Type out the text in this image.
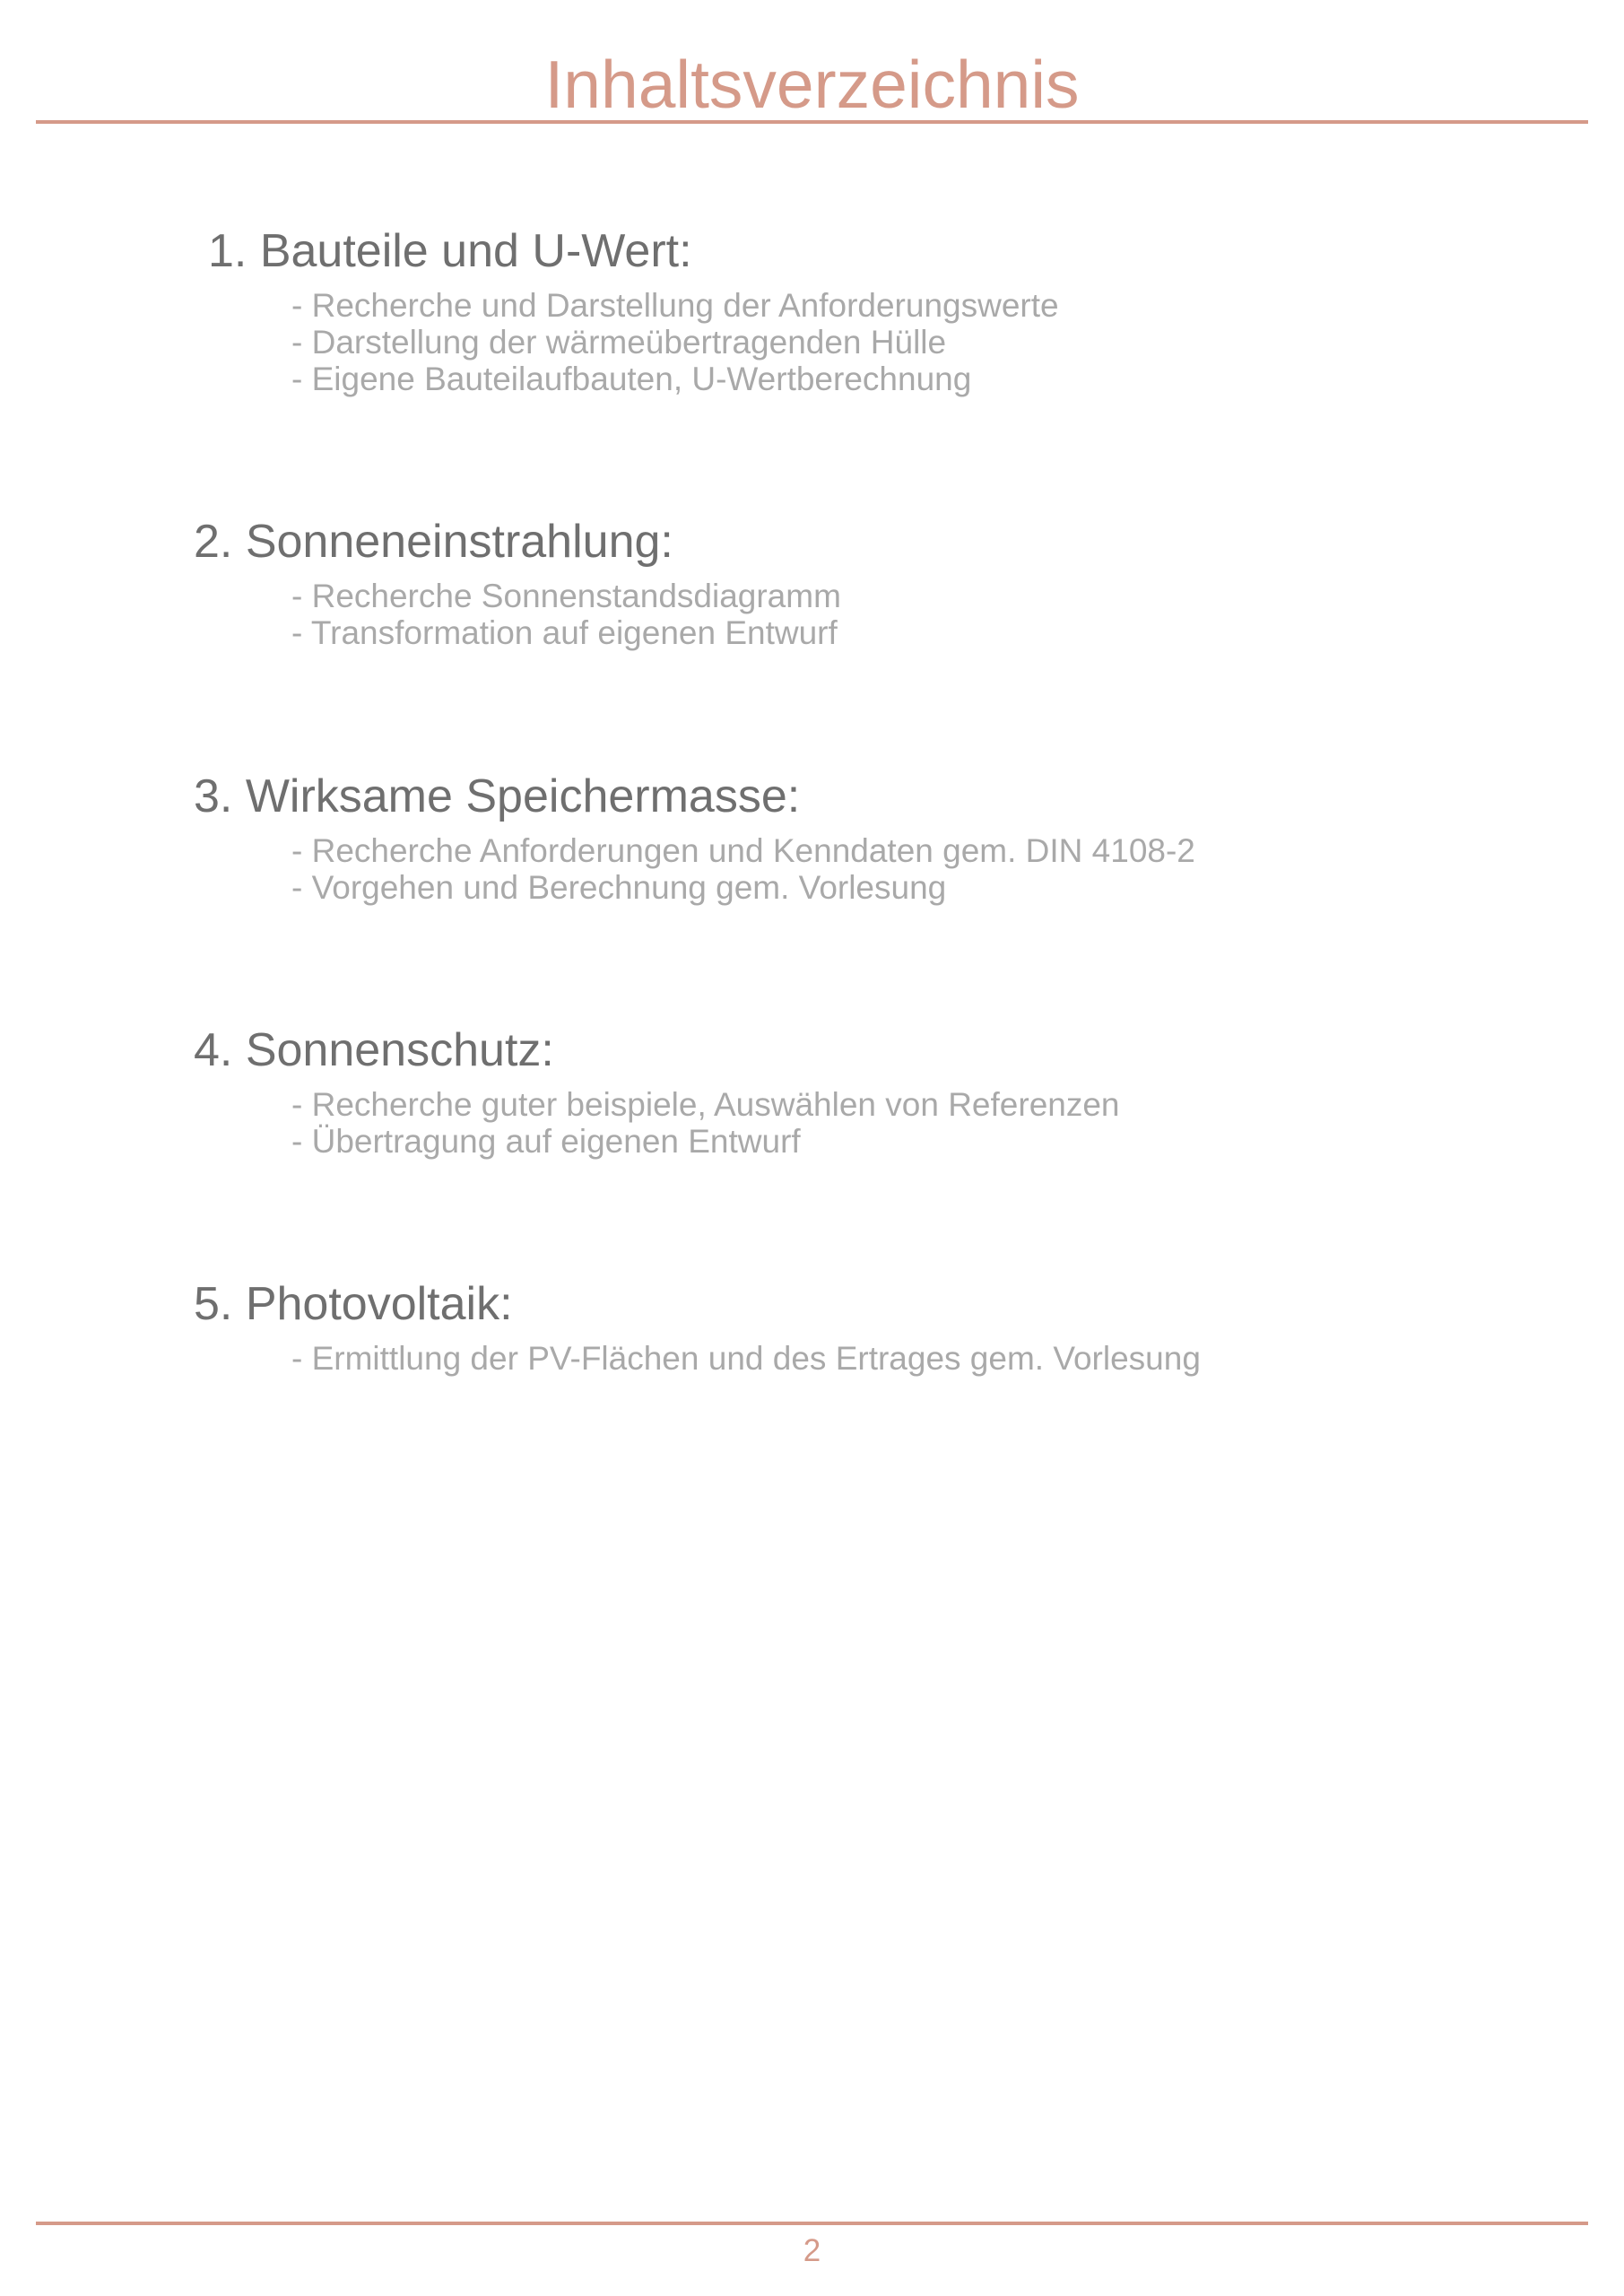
Inhaltsverzeichnis
1. Bauteile und U-Wert:
- Recherche und Darstellung der Anforderungswerte
- Darstellung der wärmeübertragenden Hülle
- Eigene Bauteilaufbauten, U-Wertberechnung
2. Sonneneinstrahlung:
- Recherche Sonnenstandsdiagramm
- Transformation auf eigenen Entwurf
3. Wirksame Speichermasse:
- Recherche Anforderungen und Kenndaten gem. DIN 4108-2
- Vorgehen und Berechnung gem. Vorlesung
4. Sonnenschutz:
- Recherche guter beispiele, Auswählen von Referenzen
- Übertragung auf eigenen Entwurf
5. Photovoltaik:
- Ermittlung der PV-Flächen und des Ertrages gem. Vorlesung
2
